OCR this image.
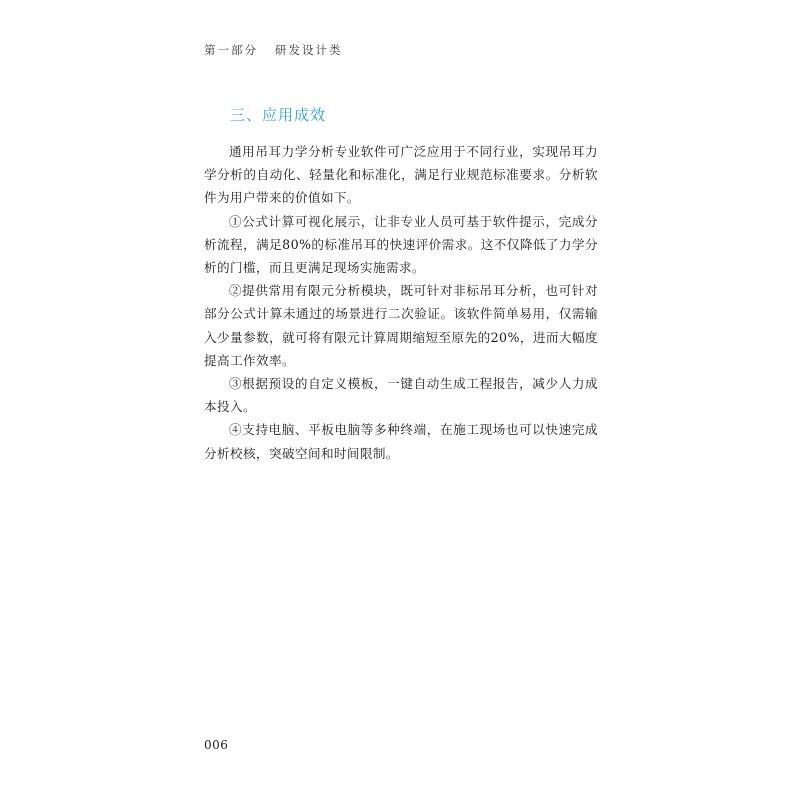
第一部分   研发设计类
三、应用成效

通用吊耳力学分析专业软件可广泛应用于不同行业，实现吊耳力学分析的自动化、轻量化和标准化，满足行业规范标准要求。分析软件为用户带来的价值如下。

①公式计算可视化展示，让非专业人员可基于软件提示，完成分析流程，满足80%的标准吊耳的快速评价需求。这不仅降低了力学分析的门槛，而且更满足现场实施需求。

②提供常用有限元分析模块，既可针对非标吊耳分析，也可针对部分公式计算未通过的场景进行二次验证。该软件简单易用，仅需输入少量参数，就可将有限元计算周期缩短至原先的20%，进而大幅度提高工作效率。

③根据预设的自定义模板，一键自动生成工程报告，减少人力成本投入。

④支持电脑、平板电脑等多种终端，在施工现场也可以快速完成分析校核，突破空间和时间限制。

006
